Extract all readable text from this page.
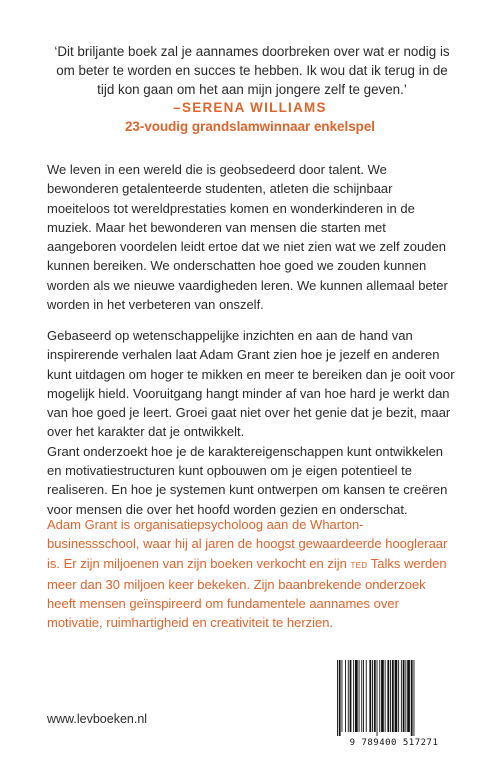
‘Dit briljante boek zal je aannames doorbreken over wat er nodig is om beter te worden en succes te hebben. Ik wou dat ik terug in de tijd kon gaan om het aan mijn jongere zelf te geven.’
–SERENA WILLIAMS
23-voudig grandslamwinnaar enkelspel

We leven in een wereld die is geobsedeerd door talent. We bewonderen getalenteerde studenten, atleten die schijnbaar moeiteloos tot wereldprestaties komen en wonderkinderen in de muziek. Maar het bewonderen van mensen die starten met aangeboren voordelen leidt ertoe dat we niet zien wat we zelf zouden kunnen bereiken. We onderschatten hoe goed we zouden kunnen worden als we nieuwe vaardigheden leren. We kunnen allemaal beter worden in het verbeteren van onszelf.

Gebaseerd op wetenschappelijke inzichten en aan de hand van inspirerende verhalen laat Adam Grant zien hoe je jezelf en anderen kunt uitdagen om hoger te mikken en meer te bereiken dan je ooit voor mogelijk hield. Vooruitgang hangt minder af van hoe hard je werkt dan van hoe goed je leert. Groei gaat niet over het genie dat je bezit, maar over het karakter dat je ontwikkelt.
Grant onderzoekt hoe je de karaktereigenschappen kunt ontwikkelen en motivatiestructuren kunt opbouwen om je eigen potentieel te realiseren. En hoe je systemen kunt ontwerpen om kansen te creëren voor mensen die over het hoofd worden gezien en onderschat.

Adam Grant is organisatiepsycholoog aan de Wharton-businessschool, waar hij al jaren de hoogst gewaardeerde hoogleraar is. Er zijn miljoenen van zijn boeken verkocht en zijn TED Talks werden meer dan 30 miljoen keer bekeken. Zijn baanbrekende onderzoek heeft mensen geïnspireerd om fundamentele aannames over motivatie, ruimhartigheid en creativiteit te herzien.

www.levboeken.nl
9 789400 517271
